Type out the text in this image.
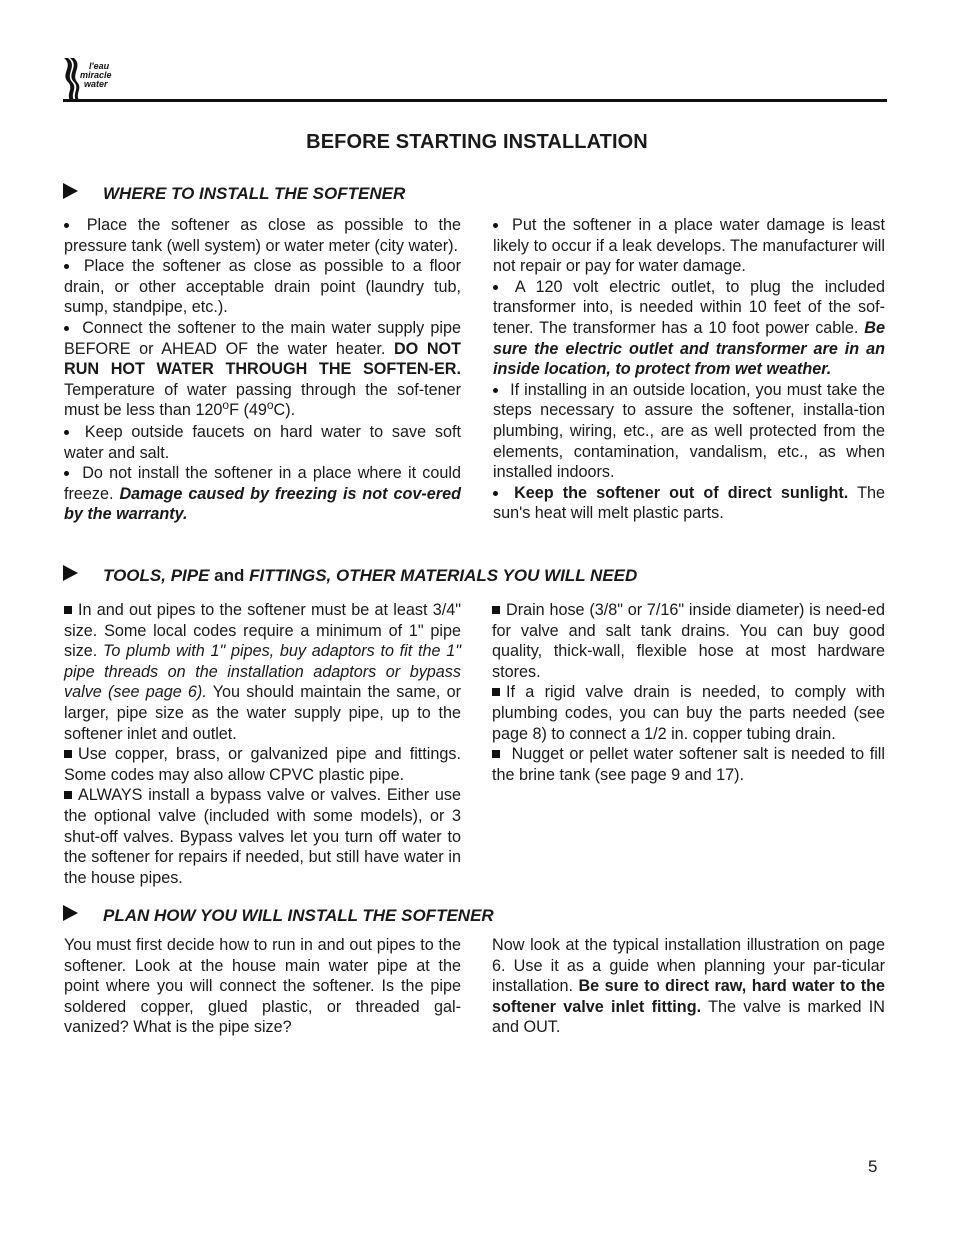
l'eau
miracle
water
BEFORE STARTING INSTALLATION
WHERE TO INSTALL THE SOFTENER

Place the softener as close as possible to the pressure tank (well system) or water meter (city water).

Place the softener as close as possible to a floor drain, or other acceptable drain point (laundry tub, sump, standpipe, etc.).

Connect the softener to the main water supply pipe BEFORE or AHEAD OF the water heater. DO NOT RUN HOT WATER THROUGH THE SOFTEN-ER. Temperature of water passing through the sof-tener must be less than 120$^o$F (49$^o$C).

Keep outside faucets on hard water to save soft water and salt.

Do not install the softener in a place where it could freeze. Damage caused by freezing is not cov-ered by the warranty.

Put the softener in a place water damage is least likely to occur if a leak develops. The manufacturer will not repair or pay for water damage.

A 120 volt electric outlet, to plug the included transformer into, is needed within 10 feet of the sof-tener. The transformer has a 10 foot power cable. Be sure the electric outlet and transformer are in an inside location, to protect from wet weather.

If installing in an outside location, you must take the steps necessary to assure the softener, installa-tion plumbing, wiring, etc., are as well protected from the elements, contamination, vandalism, etc., as when installed indoors.

Keep the softener out of direct sunlight. The sun's heat will melt plastic parts.

TOOLS, PIPE and FITTINGS, OTHER MATERIALS YOU WILL NEED

In and out pipes to the softener must be at least 3/4" size. Some local codes require a minimum of 1" pipe size. To plumb with 1" pipes, buy adaptors to fit the 1" pipe threads on the installation adaptors or bypass valve (see page 6). You should maintain the same, or larger, pipe size as the water supply pipe, up to the softener inlet and outlet.

Use copper, brass, or galvanized pipe and fittings. Some codes may also allow CPVC plastic pipe.

ALWAYS install a bypass valve or valves. Either use the optional valve (included with some models), or 3 shut-off valves. Bypass valves let you turn off water to the softener for repairs if needed, but still have water in the house pipes.

Drain hose (3/8" or 7/16" inside diameter) is need-ed for valve and salt tank drains. You can buy good quality, thick-wall, flexible hose at most hardware stores.

If a rigid valve drain is needed, to comply with plumbing codes, you can buy the parts needed (see page 8) to connect a 1/2 in. copper tubing drain.

Nugget or pellet water softener salt is needed to fill the brine tank (see page 9 and 17).

PLAN HOW YOU WILL INSTALL THE SOFTENER

You must first decide how to run in and out pipes to the softener. Look at the house main water pipe at the point where you will connect the softener. Is the pipe soldered copper, glued plastic, or threaded gal-vanized? What is the pipe size?

Now look at the typical installation illustration on page 6. Use it as a guide when planning your par-ticular installation. Be sure to direct raw, hard water to the softener valve inlet fitting. The valve is marked IN and OUT.

5
